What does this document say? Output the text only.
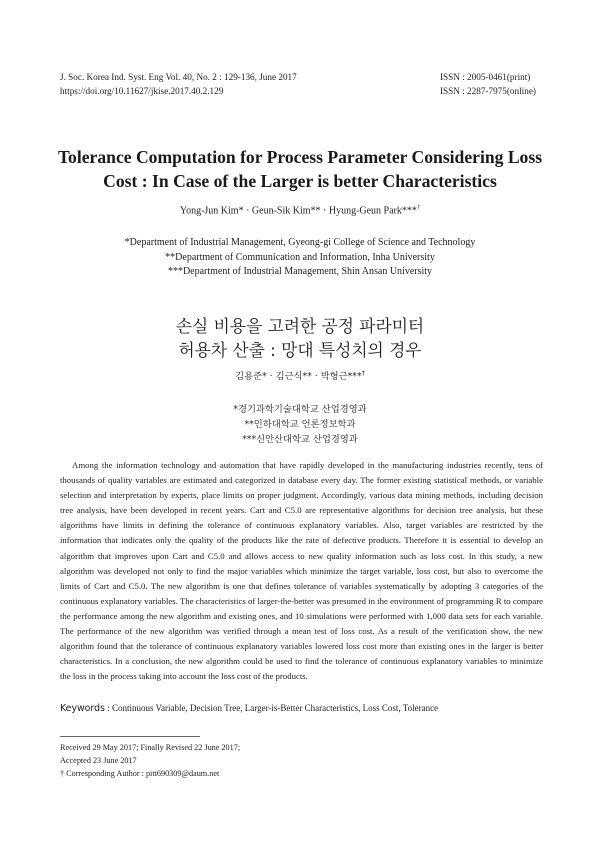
J. Soc. Korea Ind. Syst. Eng Vol. 40, No. 2 : 129-136, June 2017
https://doi.org/10.11627/jkise.2017.40.2.129
ISSN : 2005-0461(print)
ISSN : 2287-7975(online)
Tolerance Computation for Process Parameter Considering Loss
Cost : In Case of the Larger is better Characteristics
Yong-Jun Kim* · Geun-Sik Kim** · Hyung-Geun Park***†
*Department of Industrial Management, Gyeong-gi College of Science and Technology
**Department of Communication and Information, Inha University
***Department of Industrial Management, Shin Ansan University
손실 비용을 고려한 공정 파라미터
허용차 산출 : 망대 특성치의 경우
김용준* · 김근식** · 박형근***†
*경기과학기술대학교 산업경영과
**인하대학교 언론정보학과
***신안산대학교 산업경영과

Among the information technology and automation that have rapidly developed in the manufacturing industries recently, tens of thousands of quality variables are estimated and categorized in database every day. The former existing statistical methods, or variable selection and interpretation by experts, place limits on proper judgment. Accordingly, various data mining methods, including decision tree analysis, have been developed in recent years. Cart and C5.0 are representative algorithms for decision tree analysis, but these algorithms have limits in defining the tolerance of continuous explanatory variables. Also, target variables are restricted by the information that indicates only the quality of the products like the rate of defective products. Therefore it is essential to develop an algorithm that improves upon Cart and C5.0 and allows access to new quality information such as loss cost. In this study, a new algorithm was developed not only to find the major variables which minimize the target variable, loss cost, but also to overcome the limits of Cart and C5.0. The new algorithm is one that defines tolerance of variables systematically by adopting 3 categories of the continuous explanatory variables. The characteristics of larger-the-better was presumed in the environment of programming R to compare the performance among the new algorithm and existing ones, and 10 simulations were performed with 1,000 data sets for each variable. The performance of the new algorithm was verified through a mean test of loss cost. As a result of the verification show, the new algorithm found that the tolerance of continuous explanatory variables lowered loss cost more than existing ones in the larger is better characteristics. In a conclusion, the new algorithm could be used to find the tolerance of continuous explanatory variables to minimize the loss in the process taking into account the loss cost of the products.

Keywords : Continuous Variable, Decision Tree, Larger-is-Better Characteristics, Loss Cost, Tolerance
Received 29 May 2017; Finally Revised 22 June 2017;
Accepted 23 June 2017
† Corresponding Author : pitt690309@daum.net
